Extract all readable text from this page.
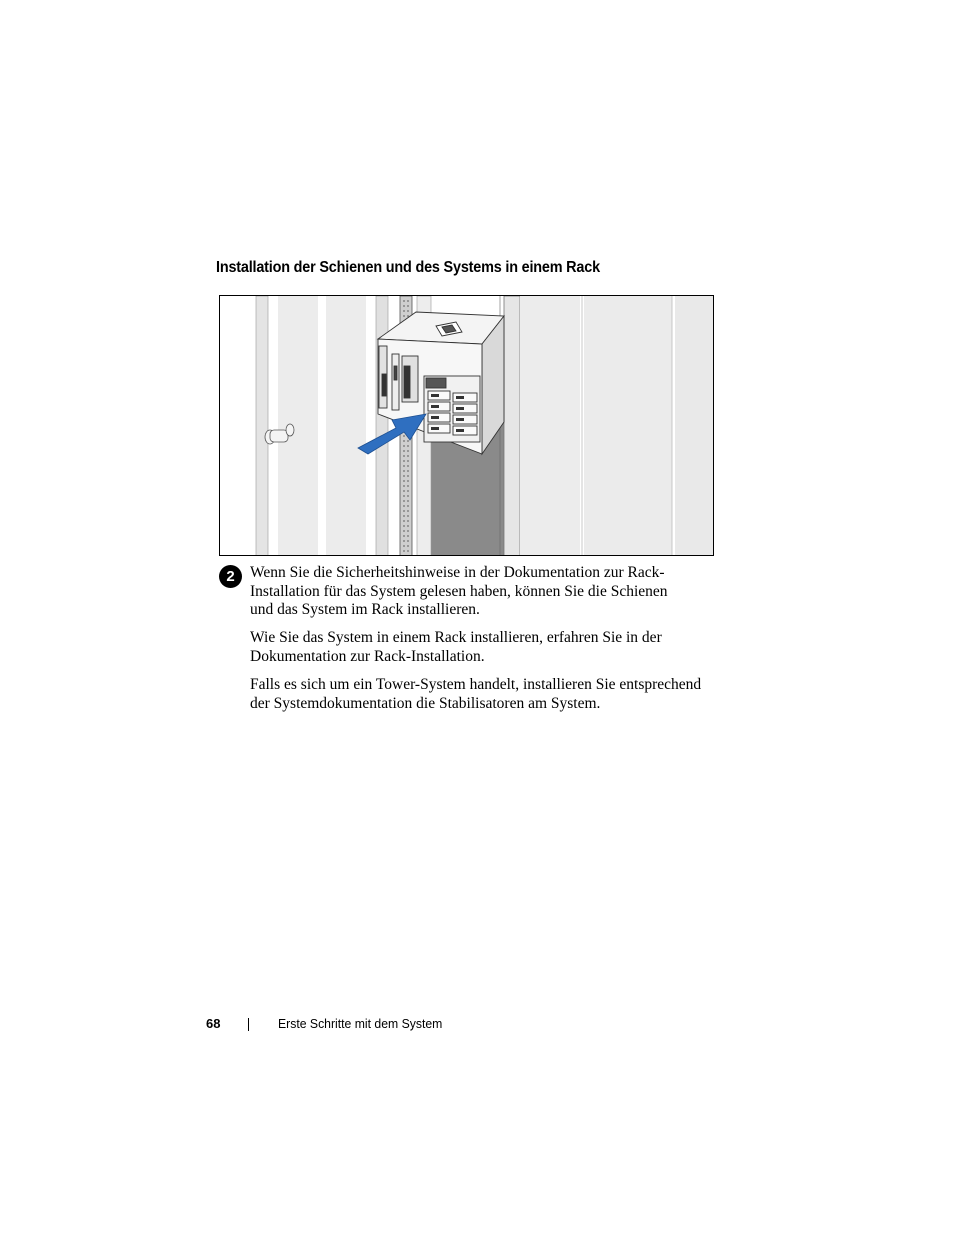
Installation der Schienen und des Systems in einem Rack
2 Wenn Sie die Sicherheitshinweise in der Dokumentation zur Rack-Installation für das System gelesen haben, können Sie die Schienen und das System im Rack installieren.
Wie Sie das System in einem Rack installieren, erfahren Sie in der Dokumentation zur Rack-Installation.
Falls es sich um ein Tower-System handelt, installieren Sie entsprechend der Systemdokumentation die Stabilisatoren am System.
68	Erste Schritte mit dem System
